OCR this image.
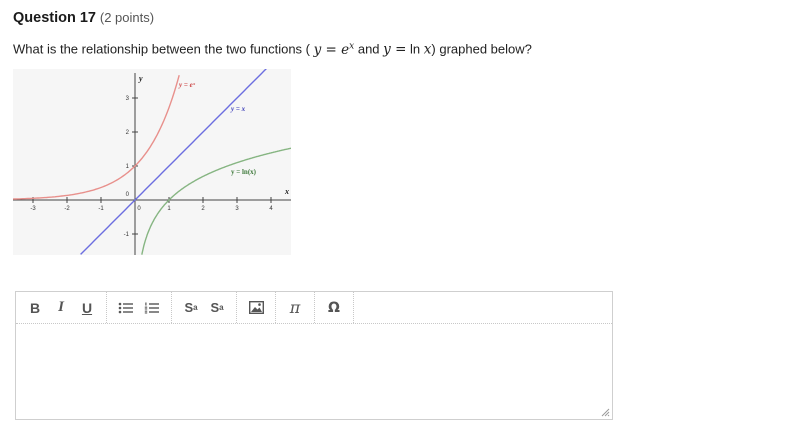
Question 17 (2 points)
What is the relationship between the two functions ( $y = e^x$ and y = ln x) graphed below?
-3	-2	-1	0	1	2	3	4
3
2
1
0
-1
y
x
y = eˣ
y = x
y = ln(x)
B	I	U	S a S a	π	Ω
